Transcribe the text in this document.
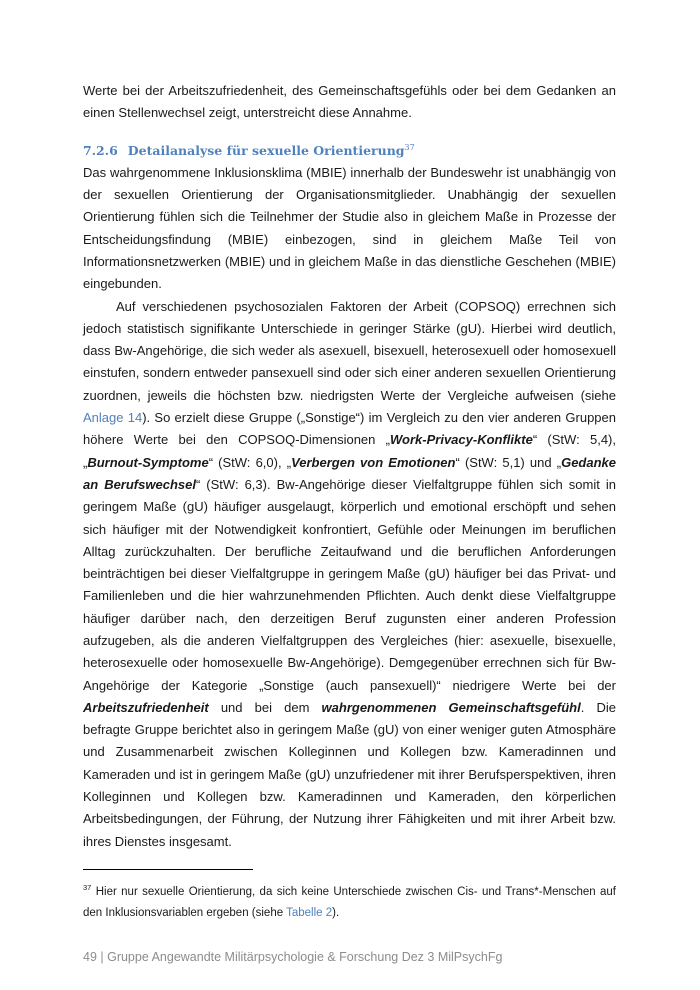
Werte bei der Arbeitszufriedenheit, des Gemeinschaftsgefühls oder bei dem Gedanken an einen Stellenwechsel zeigt, unterstreicht diese Annahme.

7.2.6 Detailanalyse für sexuelle Orientierung$^{37}$

Das wahrgenommene Inklusionsklima (MBIE) innerhalb der Bundeswehr ist unabhängig von der sexuellen Orientierung der Organisationsmitglieder. Unabhängig der sexuellen Orientierung fühlen sich die Teilnehmer der Studie also in gleichem Maße in Prozesse der Entscheidungsfindung (MBIE) einbezogen, sind in gleichem Maße Teil von Informationsnetzwerken (MBIE) und in gleichem Maße in das dienstliche Geschehen (MBIE) eingebunden.

Auf verschiedenen psychosozialen Faktoren der Arbeit (COPSOQ) errechnen sich jedoch statistisch signifikante Unterschiede in geringer Stärke (gU). Hierbei wird deutlich, dass Bw-Angehörige, die sich weder als asexuell, bisexuell, heterosexuell oder homosexuell einstufen, sondern entweder pansexuell sind oder sich einer anderen sexuellen Orientierung zuordnen, jeweils die höchsten bzw. niedrigsten Werte der Vergleiche aufweisen (siehe Anlage 14). So erzielt diese Gruppe („Sonstige“) im Vergleich zu den vier anderen Gruppen höhere Werte bei den COPSOQ-Dimensionen „Work-Privacy-Konflikte“ (StW: 5,4), „Burnout-Symptome“ (StW: 6,0), „Verbergen von Emotionen“ (StW: 5,1) und „Gedanke an Berufswechsel“ (StW: 6,3). Bw-Angehörige dieser Vielfaltgruppe fühlen sich somit in geringem Maße (gU) häufiger ausgelaugt, körperlich und emotional erschöpft und sehen sich häufiger mit der Notwendigkeit konfrontiert, Gefühle oder Meinungen im beruflichen Alltag zurückzuhalten. Der berufliche Zeitaufwand und die beruflichen Anforderungen beinträchtigen bei dieser Vielfaltgruppe in geringem Maße (gU) häufiger bei das Privat- und Familienleben und die hier wahrzunehmenden Pflichten. Auch denkt diese Vielfaltgruppe häufiger darüber nach, den derzeitigen Beruf zugunsten einer anderen Profession aufzugeben, als die anderen Vielfaltgruppen des Vergleiches (hier: asexuelle, bisexuelle, heterosexuelle oder homosexuelle Bw-Angehörige). Demgegenüber errechnen sich für Bw-Angehörige der Kategorie „Sonstige (auch pansexuell)“ niedrigere Werte bei der Arbeitszufriedenheit und bei dem wahrgenommenen Gemeinschaftsgefühl. Die befragte Gruppe berichtet also in geringem Maße (gU) von einer weniger guten Atmosphäre und Zusammenarbeit zwischen Kolleginnen und Kollegen bzw. Kameradinnen und Kameraden und ist in geringem Maße (gU) unzufriedener mit ihrer Berufsperspektiven, ihren Kolleginnen und Kollegen bzw. Kameradinnen und Kameraden, den körperlichen Arbeitsbedingungen, der Führung, der Nutzung ihrer Fähigkeiten und mit ihrer Arbeit bzw. ihres Dienstes insgesamt.

$^{37}$ Hier nur sexuelle Orientierung, da sich keine Unterschiede zwischen Cis- und Trans*-Menschen auf den Inklusionsvariablen ergeben (siehe Tabelle 2).
49 | Gruppe Angewandte Militärpsychologie & Forschung Dez 3 MilPsychFg
